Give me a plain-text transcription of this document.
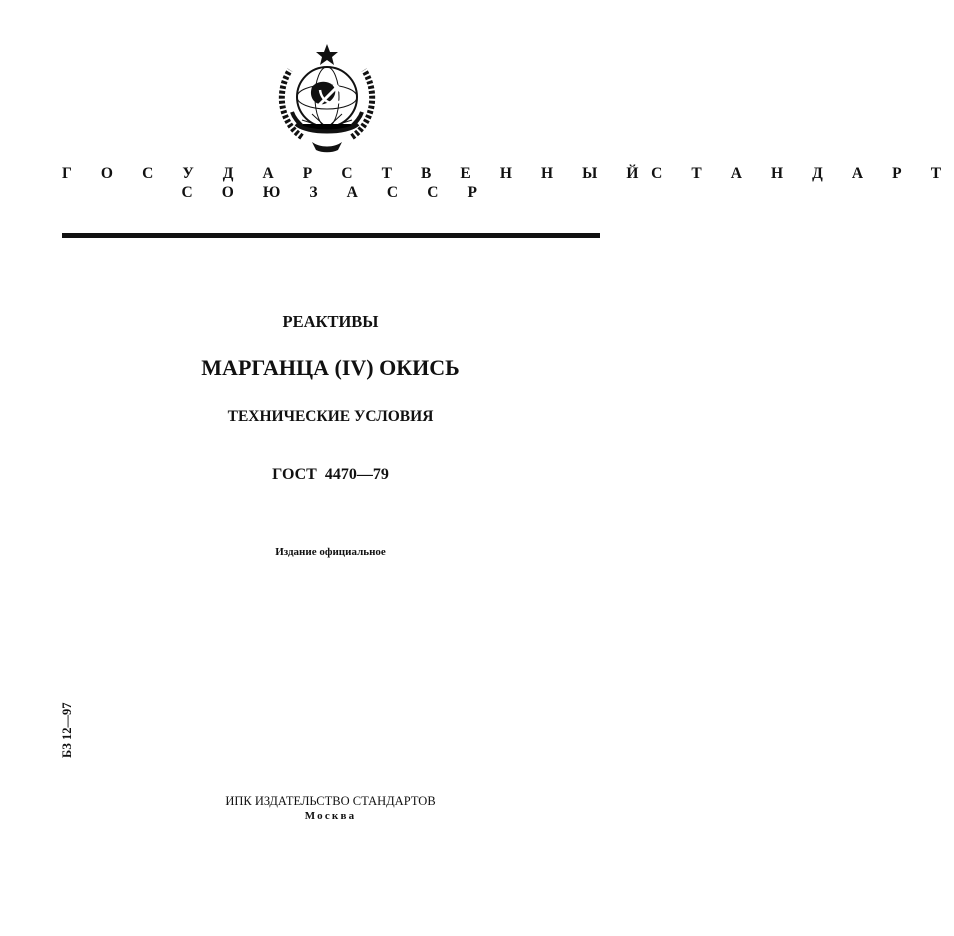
Г О С У Д А Р С Т В Е Н Н Ы Й С Т А Н Д А Р Т
С О Ю З А С С Р
РЕАКТИВЫ
МАРГАНЦА (IV) ОКИСЬ
ТЕХНИЧЕСКИЕ УСЛОВИЯ
ГОСТ 4470—79
Издание официальное
БЗ 12—97
ИПК ИЗДАТЕЛЬСТВО СТАНДАРТОВ
Москва
